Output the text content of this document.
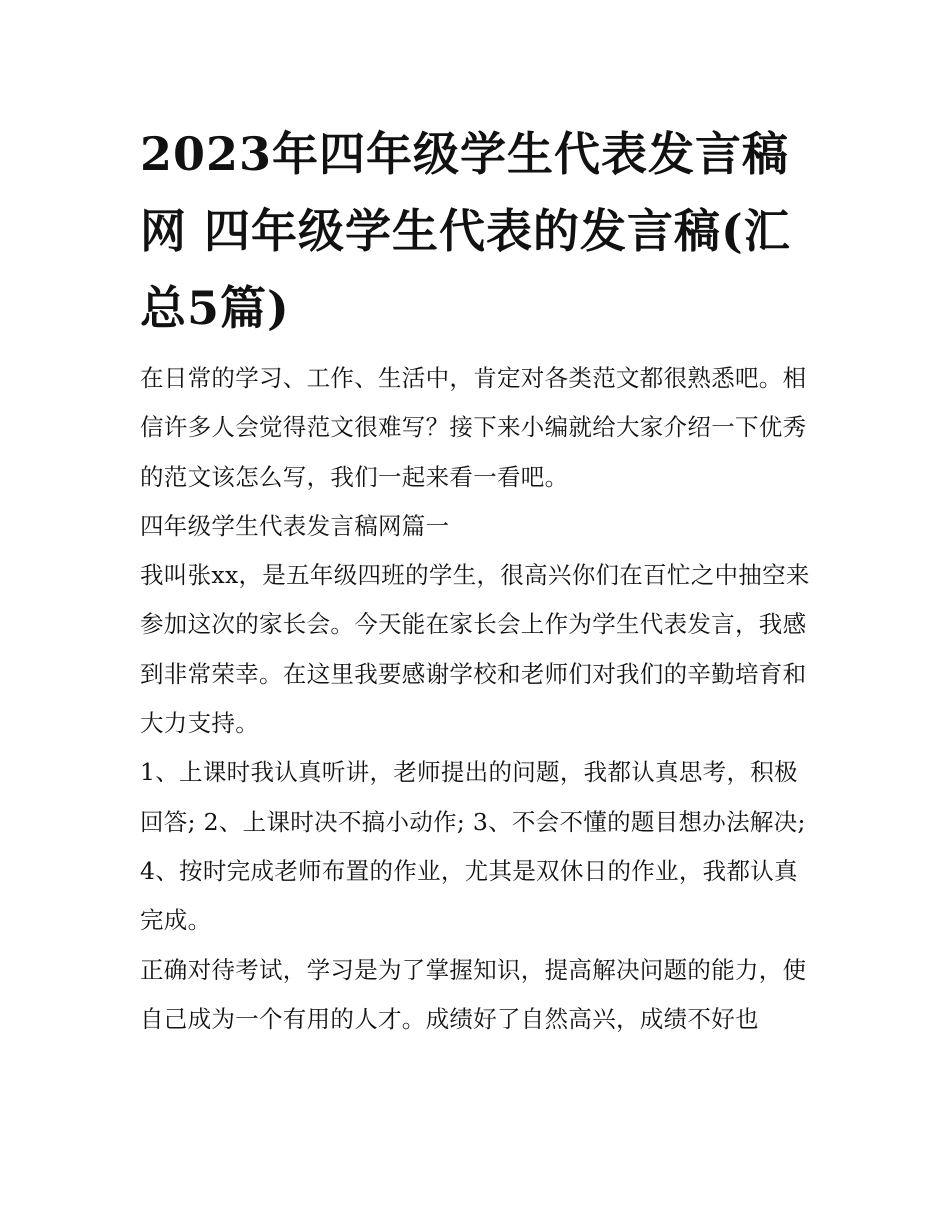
2023年四年级学生代表发言稿网 四年级学生代表的发言稿(汇总5篇)

在日常的学习、工作、生活中，肯定对各类范文都很熟悉吧。相信许多人会觉得范文很难写？接下来小编就给大家介绍一下优秀的范文该怎么写，我们一起来看一看吧。

四年级学生代表发言稿网篇一

我叫张xx，是五年级四班的学生，很高兴你们在百忙之中抽空来参加这次的家长会。今天能在家长会上作为学生代表发言，我感到非常荣幸。在这里我要感谢学校和老师们对我们的辛勤培育和大力支持。

1、上课时我认真听讲，老师提出的问题，我都认真思考，积极回答; 2、上课时决不搞小动作; 3、不会不懂的题目想办法解决;

4、按时完成老师布置的作业，尤其是双休日的作业，我都认真完成。

正确对待考试，学习是为了掌握知识，提高解决问题的能力，使自己成为一个有用的人才。成绩好了自然高兴，成绩不好也
